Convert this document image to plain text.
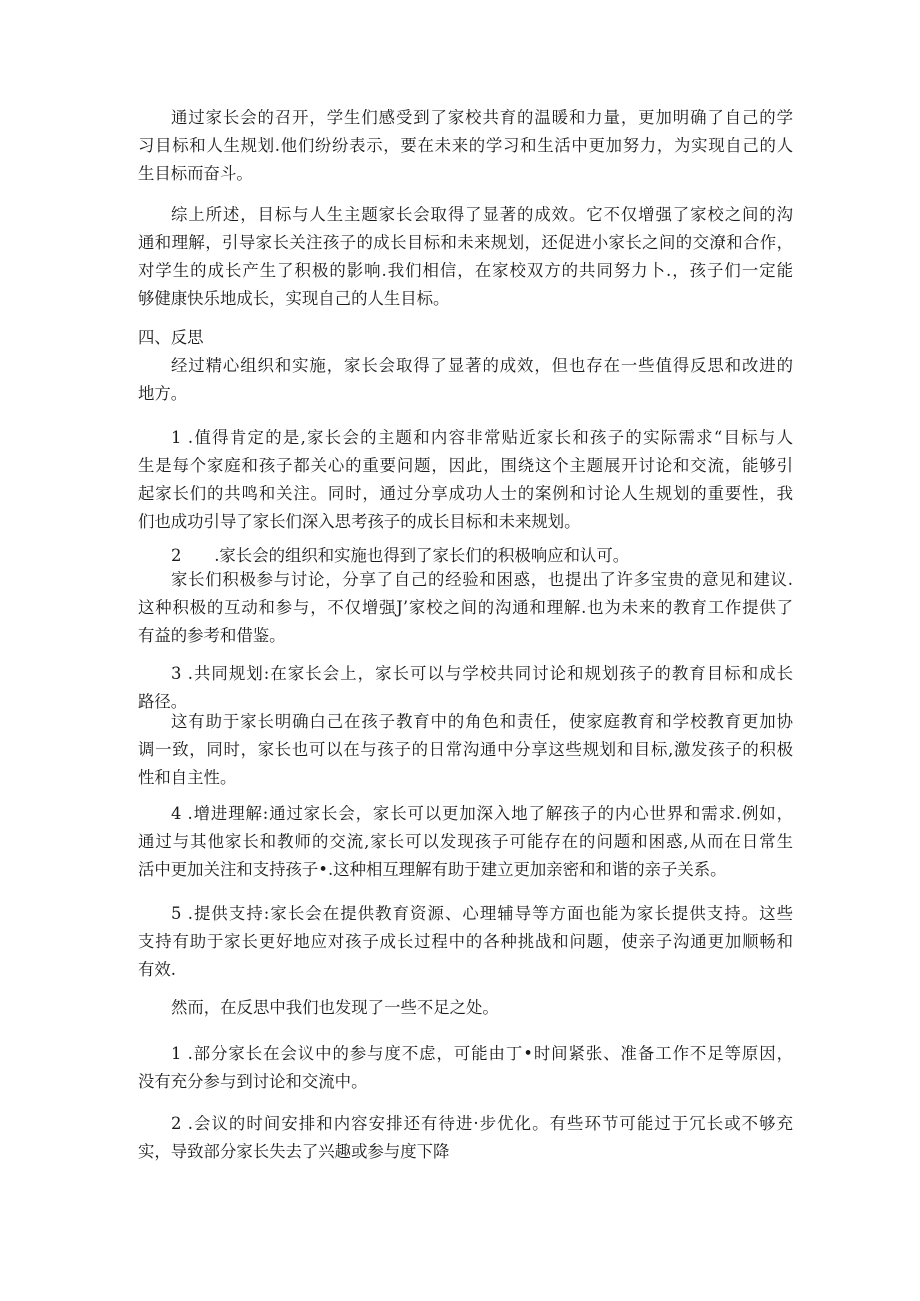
通过家长会的召开，学生们感受到了家校共育的温暖和力量，更加明确了自己的学
习目标和人生规划.他们纷纷表示，要在未来的学习和生活中更加努力，为实现自己的人
生目标而奋斗。
综上所述，目标与人生主题家长会取得了显著的成效。它不仅增强了家校之间的沟
通和理解，引导家长关注孩子的成长目标和未来规划，还促进小家长之间的交潦和合作，
对学生的成长产生了积极的影响.我们相信，在家校双方的共同努力卜.，孩子们一定能
够健康快乐地成长，实现自己的人生目标。
四、反思
经过精心组织和实施，家长会取得了显著的成效，但也存在一些值得反思和改进的
地方。
1 .值得肯定的是,家长会的主题和内容非常贴近家长和孩子的实际需求“目标与人
生是每个家庭和孩子都关心的重要问题，因此，围绕这个主题展开讨论和交流，能够引
起家长们的共鸣和关注。同时，通过分享成功人士的案例和讨论人生规划的重要性，我
们也成功引导了家长们深入思考孩子的成长目标和未来规划。
2  .家长会的组织和实施也得到了家长们的积极响应和认可。
家长们积极参与讨论，分享了自己的经验和困惑，也提出了许多宝贵的意见和建议.
这种积极的互动和参与，不仅增强J’家校之间的沟通和理解.也为未来的教育工作提供了
有益的参考和借鉴。
3 .共同规划:在家长会上，家长可以与学校共同讨论和规划孩子的教育目标和成长
路径。
这有助于家长明确白己在孩子教育中的角色和责任，使家庭教育和学校教育更加协
调一致，同时，家长也可以在与孩子的日常沟通中分享这些规划和目标,激发孩子的积极
性和自主性。
4 .增进理解:通过家长会，家长可以更加深入地了解孩子的内心世界和需求.例如，
通过与其他家长和教师的交流,家长可以发现孩子可能存在的问题和困惑,从而在日常生
活中更加关注和支持孩子•.这种相互理解有助于建立更加亲密和和谐的亲子关系。
5 .提供支持:家长会在提供教育资源、心理辅导等方面也能为家长提供支持。这些
支持有助于家长更好地应对孩子成长过程中的各种挑战和问题，使亲子沟通更加顺畅和
有效.
然而，在反思中我们也发现了一些不足之处。
1 .部分家长在会议中的参与度不虑，可能由丁•时间紧张、准备工作不足等原因，
没有充分参与到讨论和交流中。
2 .会议的时间安排和内容安排还有待进·步优化。有些环节可能过于冗长或不够充
实，导致部分家长失去了兴趣或参与度下降
